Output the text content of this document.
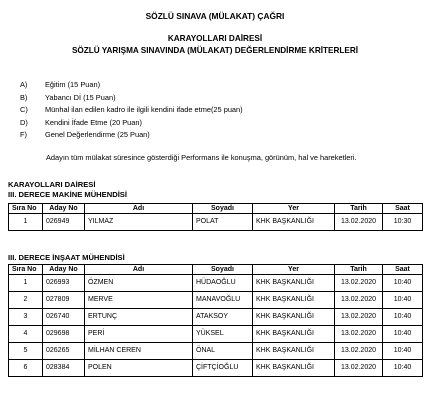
SÖZLÜ SINAVA (MÜLAKAT) ÇAĞRI
KARAYOLLARI DAİRESİ
SÖZLÜ YARIŞMA SINAVINDA (MÜLAKAT) DEĞERLENDİRME KRİTERLERİ
A) Eğitim (15 Puan)
B) Yabancı Dİ (15 Puan)
C) Münhal ilan edilen kadro ile ilgili kendini ifade etme(25 puan)
D) Kendini İfade Etme (20 Puan)
F) Genel Değerlendirme (25 Puan)
Adayın tüm mülakat süresince gösterdiği Performans ile konuşma, görünüm, hal ve hareketleri.
KARAYOLLARI DAİRESİ
III. DERECE MAKİNE MÜHENDİSİ
Sıra No	Aday No	Adı	Soyadı	Yer	Tarih	Saat
1	026949	YILMAZ	POLAT	KHK BAŞKANLIĞI	13.02.2020	10:30
III. DERECE İNŞAAT MÜHENDİSİ
Sıra No	Aday No	Adı	Soyadı	Yer	Tarih	Saat
1	026993	ÖZMEN	HÜDAOĞLU	KHK BAŞKANLIĞI	13.02.2020	10:40
2	027809	MERVE	MANAVOĞLU	KHK BAŞKANLIĞI	13.02.2020	10:40
3	026740	ERTUNÇ	ATAKSOY	KHK BAŞKANLIĞI	13.02.2020	10:40
4	029698	PERİ	YÜKSEL	KHK BAŞKANLIĞI	13.02.2020	10:40
5	026265	MİLHAN CEREN	ÖNAL	KHK BAŞKANLIĞI	13.02.2020	10:40
6	028384	POLEN	ÇİFTÇİOĞLU	KHK BAŞKANLIĞI	13.02.2020	10:40
